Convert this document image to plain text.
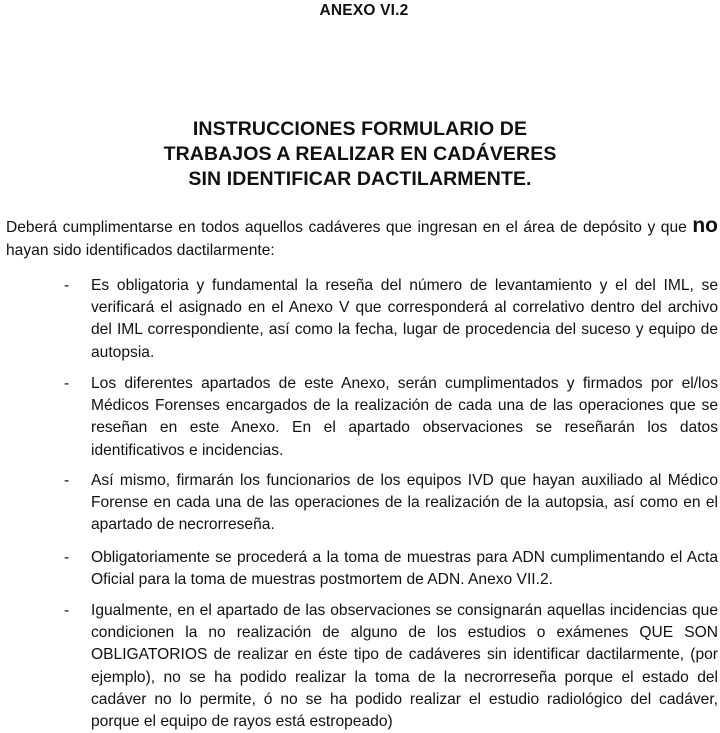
ANEXO VI.2
INSTRUCCIONES FORMULARIO DE
TRABAJOS A REALIZAR EN CADÁVERES
SIN IDENTIFICAR DACTILARMENTE.

Deberá cumplimentarse en todos aquellos cadáveres que ingresan en el área de depósito y que no hayan sido identificados dactilarmente:

- Es obligatoria y fundamental la reseña del número de levantamiento y el del IML, se verificará el asignado en el Anexo V que corresponderá al correlativo dentro del archivo del IML correspondiente, así como la fecha, lugar de procedencia del suceso y equipo de autopsia.
- Los diferentes apartados de este Anexo, serán cumplimentados y firmados por el/los Médicos Forenses encargados de la realización de cada una de las operaciones que se reseñan en este Anexo. En el apartado observaciones se reseñarán los datos identificativos e incidencias.
- Así mismo, firmarán los funcionarios de los equipos IVD que hayan auxiliado al Médico Forense en cada una de las operaciones de la realización de la autopsia, así como en el apartado de necrorreseña.
- Obligatoriamente se procederá a la toma de muestras para ADN cumplimentando el Acta Oficial para la toma de muestras postmortem de ADN. Anexo VII.2.
- Igualmente, en el apartado de las observaciones se consignarán aquellas incidencias que condicionen la no realización de alguno de los estudios o exámenes QUE SON OBLIGATORIOS de realizar en éste tipo de cadáveres sin identificar dactilarmente, (por ejemplo), no se ha podido realizar la toma de la necrorreseña porque el estado del cadáver no lo permite, ó no se ha podido realizar el estudio radiológico del cadáver, porque el equipo de rayos está estropeado)
